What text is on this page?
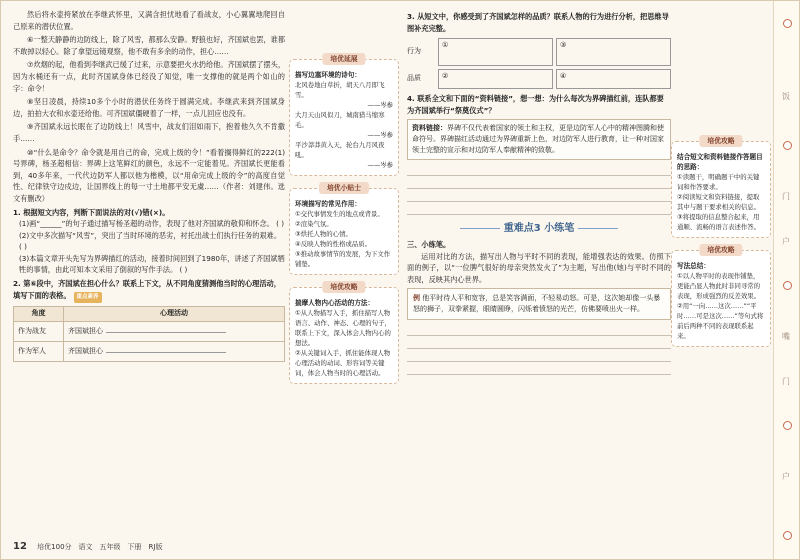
然后将水壶挎紧放在李继武怀里，又满含担忧地看了看战友，小心翼翼地爬回自己原来的潜伏位置。

⑥一整天静静的边防线上，除了风雪，都那么安静。野狼也好，齐国斌也罢，谁都不敢掉以轻心。除了拿望远镜观察，他不敢有多余的动作，担心……

⑦炊烟的起，他看到李继武已缓了过来，示意要把火水扔给他。齐国斌摆了摆头，因为水桶还有一点，此时齐国斌身体已经没了知觉，唯一支撑他的就是两个如山的字：命令！

⑧坚日凌晨，持续10多个小时的潜伏任务终于圆满完成。李继武来到齐国斌身边，拍拍大衣和水壶还给他。可齐国斌僵硬着了一样，一点儿回应也没有。

⑨齐国斌永远长眠在了边防线上！风雪中，战友们泪如雨下，抱着他久久不肯撒手……

⑩“什么是命令？命令就是用自己的命，完成上级的令！”看着搁得鲜红的222(1)号界碑，杨圣超相信：界碑上这笔鲜红的颜色，永远不一定能着见。齐国斌长更能看到，40多年来，一代代边防军人都以他为楷模，以“用命完成上级的令”的高度自觉性、纪律铁守边戍边，让国界线上的每一寸土地都平安无虞……（作者：刘建伟。选文有删改）

1. 根据短文内容，判断下面说法的对(√)错(×)。
(1)画“______”的句子通过描写杨圣超的动作，表现了他对齐国斌的敬仰和怀念。 ( )
(2)文中多次描写“风雪”，突出了当时环境的恶劣，衬托出战士们执行任务的艰难。 ( )
(3)本篇文章开头先写为界碑描红的活动，接着时间回到了1980年，讲述了齐国斌牺牲的事情，由此可知本文采用了倒叙的写作手法。 ( )
2. 第⑥段中，齐国斌在担心什么？联系上下文，从不同角度猜测他当时的心理活动，填写下面的表格。 重点素养
角度	心理活动
作为战友	齐国斌担心
作为军人	齐国斌担心
12 培优100分　语文　五年级　下册　RJ版
培优延展
描写边塞环境的诗句：
北风卷地白草折，胡天八月即飞雪。
——岑参
大月天山风似刀，城南猎马缩寒毛。
——岑参
平沙莽莽黄入天，轮台九月风夜吼。
——岑参
培优小贴士
环境描写的常见作用：
①交代事情发生的地点或背景。
②渲染气氛。
③烘托人物的心情。
④反映人物的性格或品质。
⑤推动故事情节的发展，为下文作铺垫。
培优攻略
揣摩人物内心活动的方法：
①从人物描写入手，抓住描写人物语言、动作、神态、心理的句子，联系上下文，深入体会人物内心的想法。
②从关键词入手，抓住能体现人物心理活动的动词、形容词等关键词，体会人物当时的心理活动。
3. 从短文中，你感受到了齐国斌怎样的品质？联系人物的行为进行分析，把思维导图补充完整。
行为
①	③
品质	②	④
4. 联系全文和下面的“资料链接”，想一想：为什么每次为界碑描红前，连队都要为齐国斌举行“祭奠仪式”？
资料链接：界碑不仅代表着国家的领土和主权，更是边防军人心中的精神图腾和使命符号。界碑描红活动通过为界碑重新上色，对边防军人进行教育，让一种对国家领土完整的宣示和对边防军人奉献精神的致敬。
重难点3 小练笔
三、小练笔。

运用对比的方法，描写出人物与平时不同的表现，能增强表达的效果。仿照下面的例子，以“一位脾气很好的母亲突然发火了”为主题，写出他(她)与平时不同的表现，反映其内心世界。

例 他平时待人平和宽容，总是笑容满面，不轻易动怒。可是，这次她却像一头暴怒的狮子，双拳紧握，眼睛圆睁，闪烁着愤怒的光芒，仿佛要喷出火一样。
培优攻略
结合短文和资料链接作答题目的思路：
①读题干，明确题干中的关键词和作答要求。
②阅读短文和资料链接，提取其中与题干要求相关的信息。
③将提取的信息整合起来，用通顺、流畅的语言表述作答。
培优攻略
写法总结：
①以人物平时的表现作铺垫，更能凸显人物此时非同寻常的表现，形成强烈的反差效果。
②用“一向……这次……”“平时……可是这次……”等句式将前后两种不同的表现联系起来。
饭
门
户
嘴
门
户
